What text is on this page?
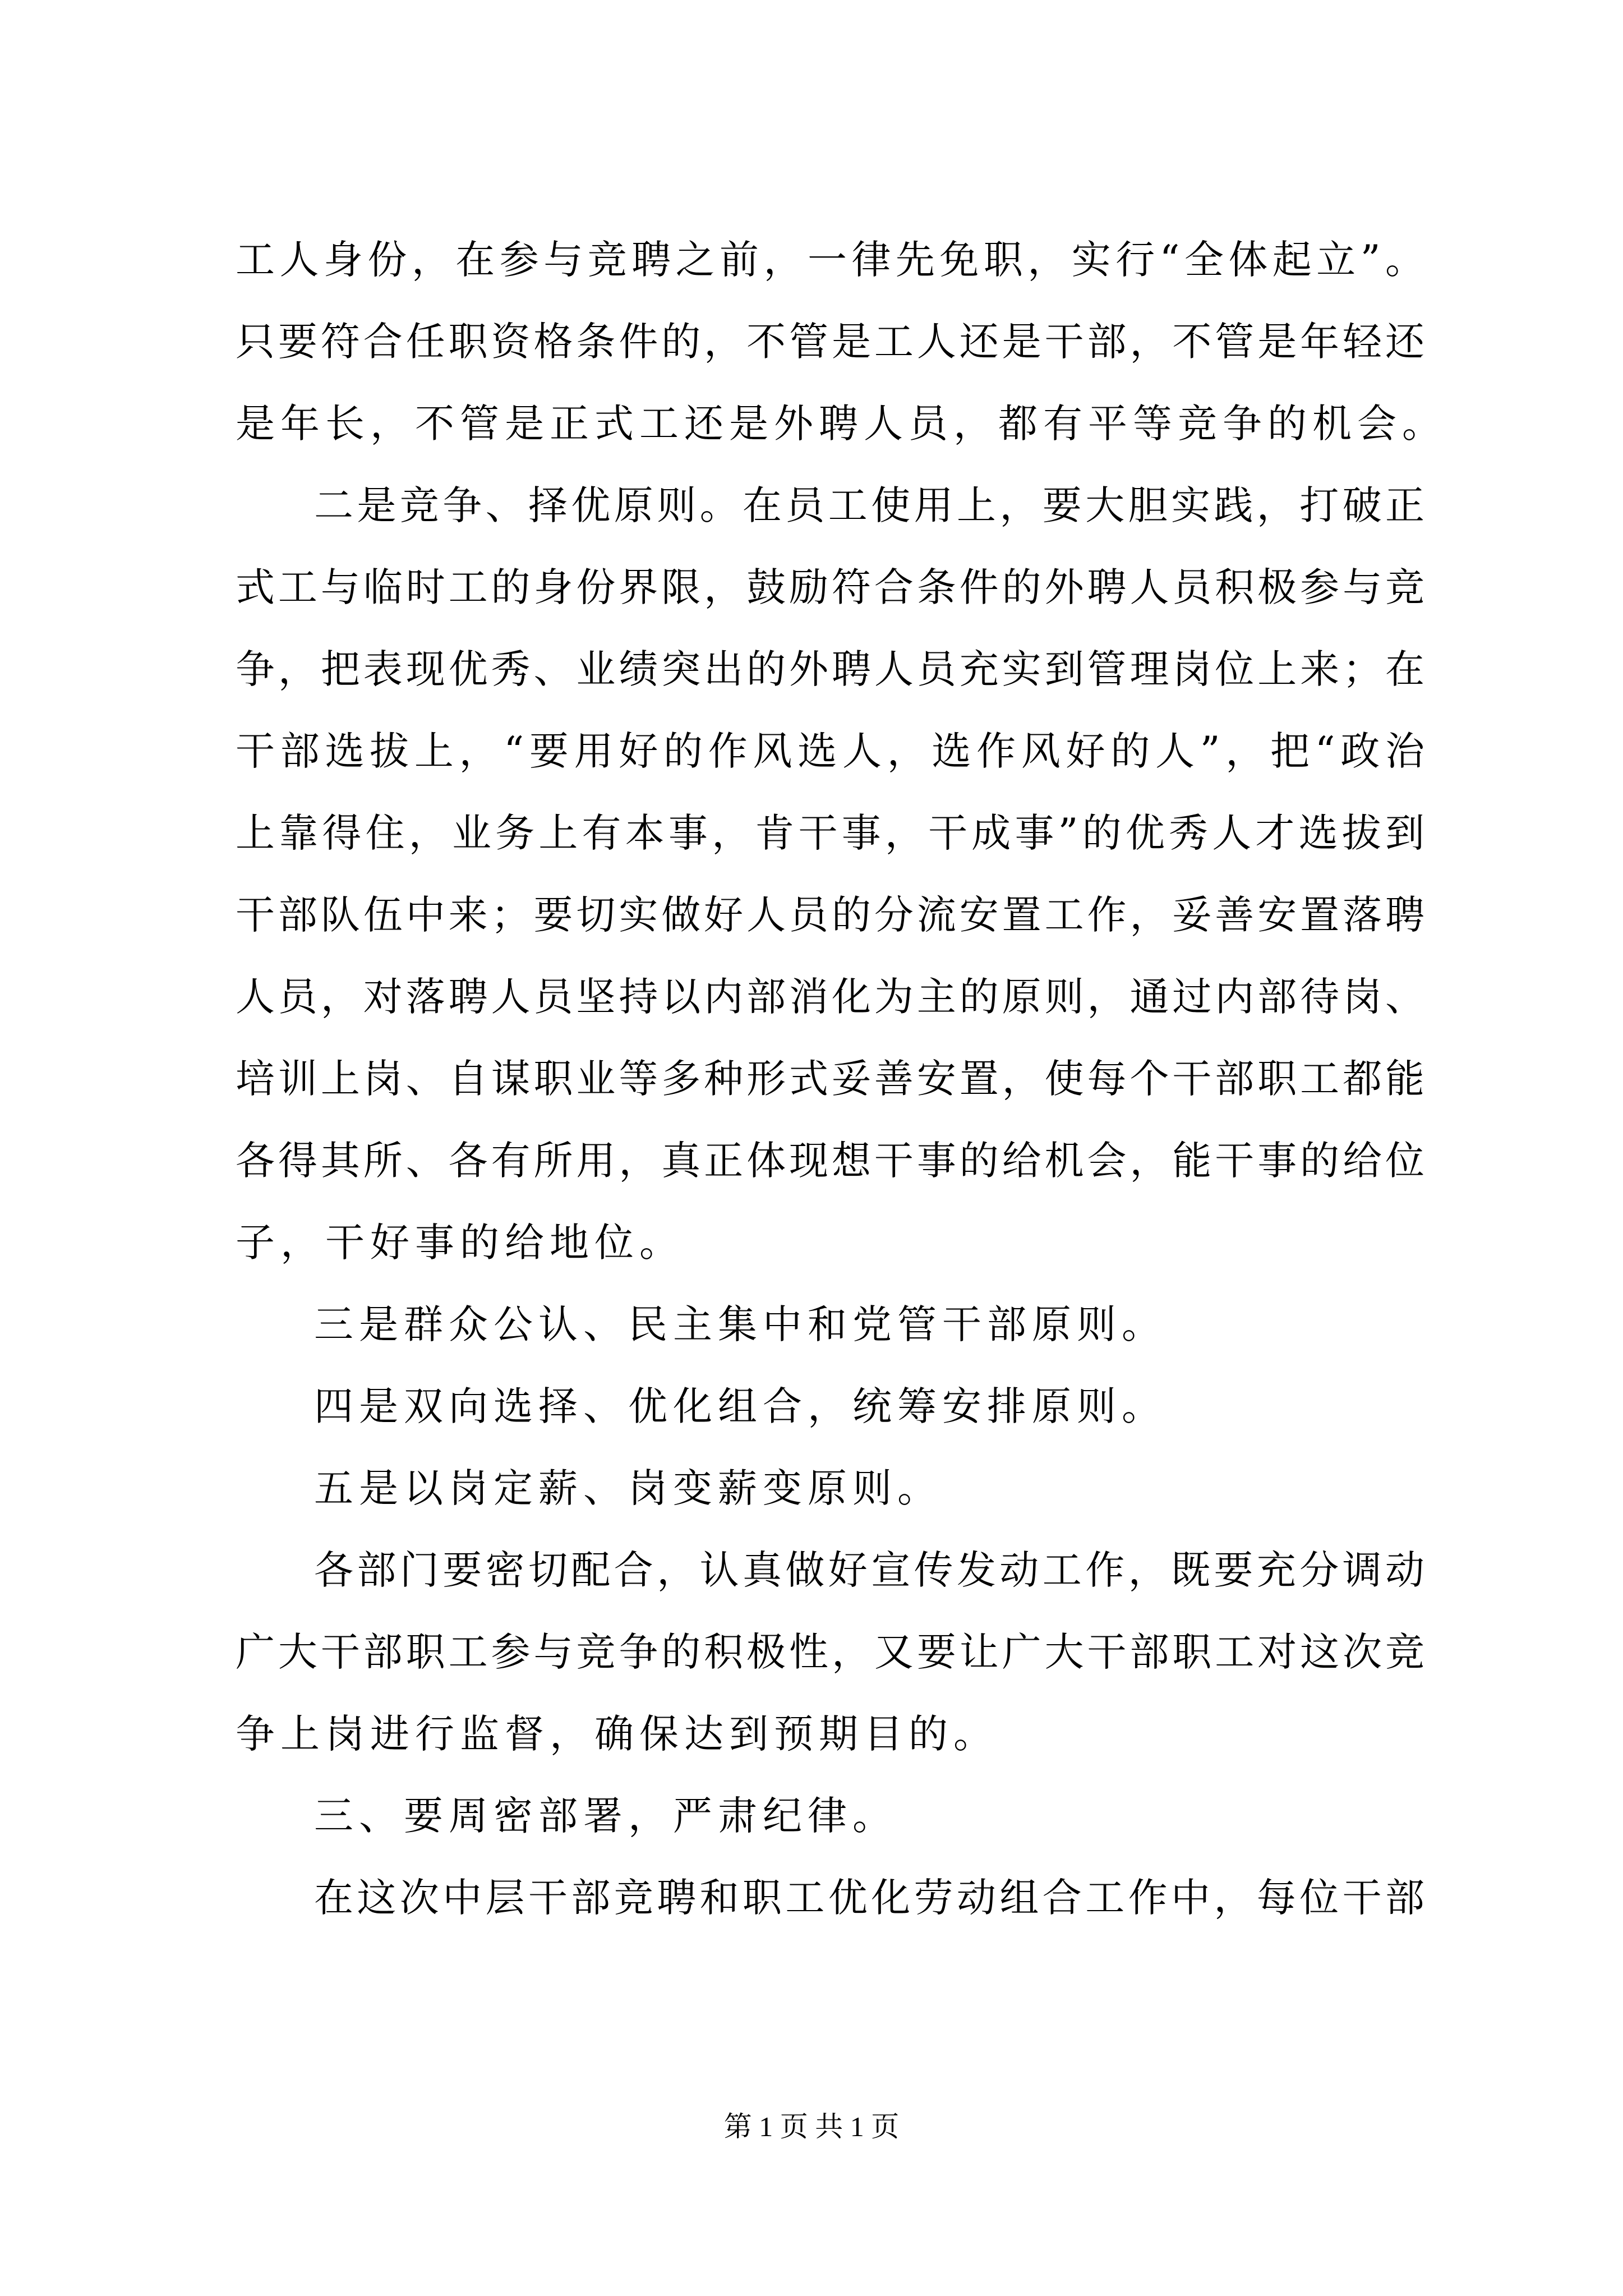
工人身份，在参与竞聘之前，一律先免职，实行“全体起立”。
只要符合任职资格条件的，不管是工人还是干部，不管是年轻还
是年长，不管是正式工还是外聘人员，都有平等竞争的机会。
二是竞争、择优原则。在员工使用上，要大胆实践，打破正
式工与临时工的身份界限，鼓励符合条件的外聘人员积极参与竞
争，把表现优秀、业绩突出的外聘人员充实到管理岗位上来；在
干部选拔上，“要用好的作风选人，选作风好的人”，把“政治
上靠得住，业务上有本事，肯干事，干成事”的优秀人才选拔到
干部队伍中来；要切实做好人员的分流安置工作，妥善安置落聘
人员，对落聘人员坚持以内部消化为主的原则，通过内部待岗、
培训上岗、自谋职业等多种形式妥善安置，使每个干部职工都能
各得其所、各有所用，真正体现想干事的给机会，能干事的给位
子，干好事的给地位。
三是群众公认、民主集中和党管干部原则。
四是双向选择、优化组合，统筹安排原则。
五是以岗定薪、岗变薪变原则。
各部门要密切配合，认真做好宣传发动工作，既要充分调动
广大干部职工参与竞争的积极性，又要让广大干部职工对这次竞
争上岗进行监督，确保达到预期目的。
三、要周密部署，严肃纪律。
在这次中层干部竞聘和职工优化劳动组合工作中，每位干部
第 1 页 共 1 页
